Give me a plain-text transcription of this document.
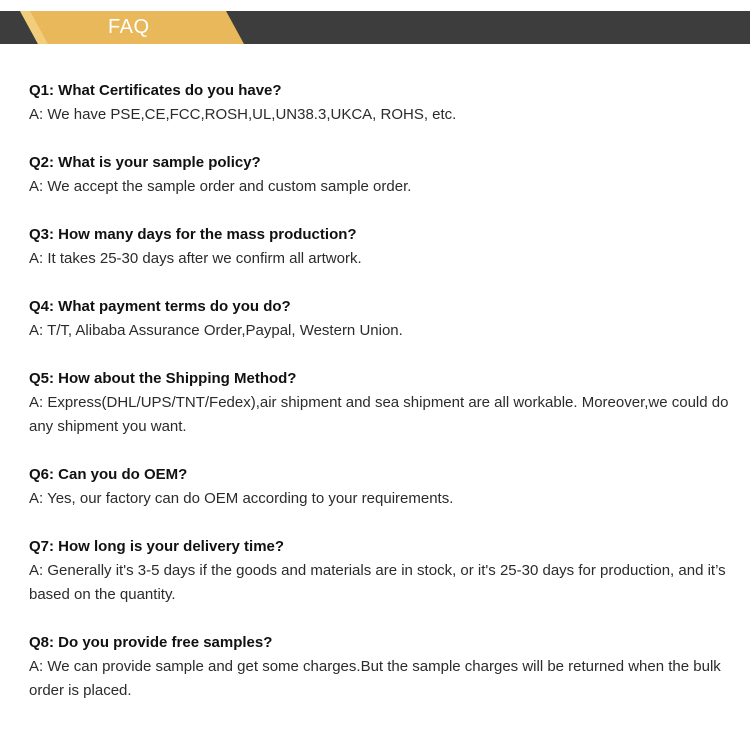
FAQ
Q1: What Certificates do you have?
A: We have PSE,CE,FCC,ROSH,UL,UN38.3,UKCA, ROHS, etc.
Q2: What is your sample policy?
A: We accept the sample order and custom sample order.
Q3: How many days for the mass production?
A: It takes 25-30 days after we confirm all artwork.
Q4: What payment terms do you do?
A: T/T, Alibaba Assurance Order,Paypal, Western Union.
Q5: How about the Shipping Method?
A: Express(DHL/UPS/TNT/Fedex),air shipment and sea shipment are all workable. Moreover,we could do any shipment you want.
Q6: Can you do OEM?
A: Yes, our factory can do OEM according to your requirements.
Q7: How long is your delivery time?
A: Generally it's 3-5 days if the goods and materials are in stock, or it's 25-30 days for production, and it’s based on the quantity.
Q8: Do you provide free samples?
A: We can provide sample and get some charges.But the sample charges will be returned when the bulk order is placed.
